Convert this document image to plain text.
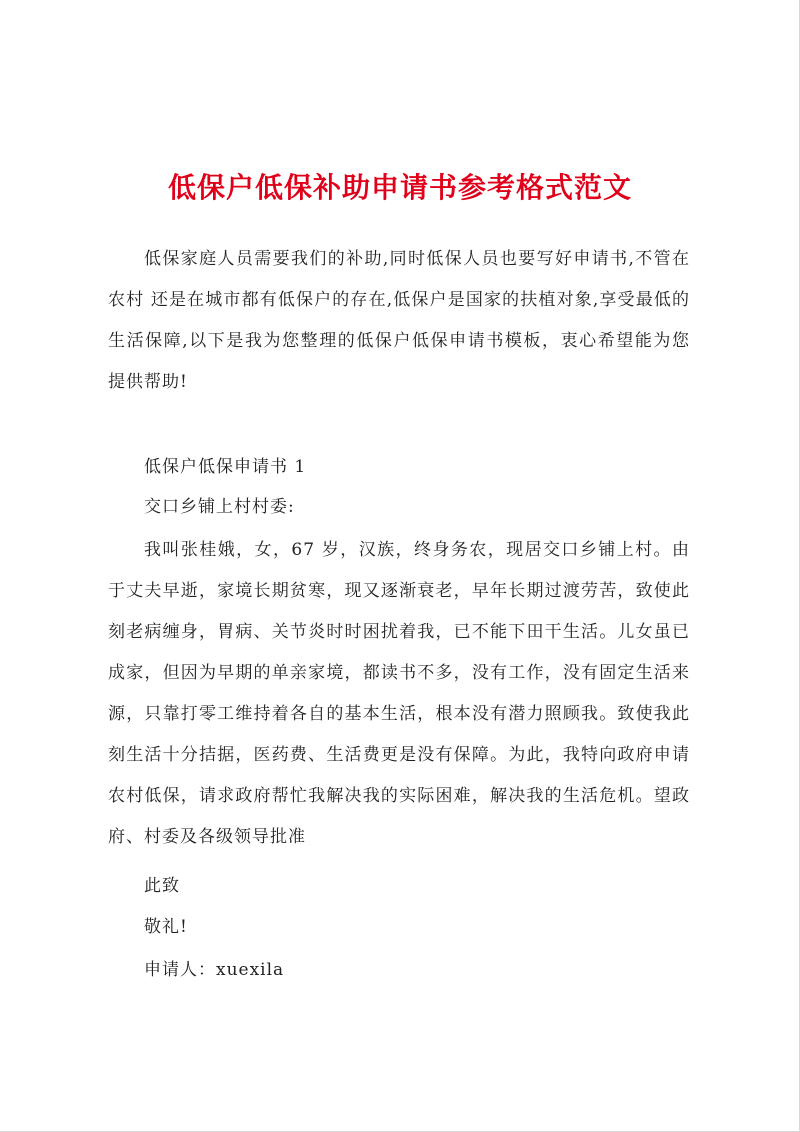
低保户低保补助申请书参考格式范文

低保家庭人员需要我们的补助,同时低保人员也要写好申请书,不管在农村 还是在城市都有低保户的存在,低保户是国家的扶植对象,享受最低的生活保障,以下是我为您整理的低保户低保申请书模板，衷心希望能为您提供帮助!

低保户低保申请书 1

交口乡铺上村村委:

我叫张桂娥，女，67 岁，汉族，终身务农，现居交口乡铺上村。由于丈夫早逝，家境长期贫寒，现又逐渐衰老，早年长期过渡劳苦，致使此刻老病缠身，胃病、关节炎时时困扰着我，已不能下田干生活。儿女虽已成家，但因为早期的单亲家境，都读书不多，没有工作，没有固定生活来源，只靠打零工维持着各自的基本生活，根本没有潜力照顾我。致使我此刻生活十分拮据，医药费、生活费更是没有保障。为此，我特向政府申请农村低保，请求政府帮忙我解决我的实际困难，解决我的生活危机。望政府、村委及各级领导批准

此致

敬礼!

申请人：xuexila
